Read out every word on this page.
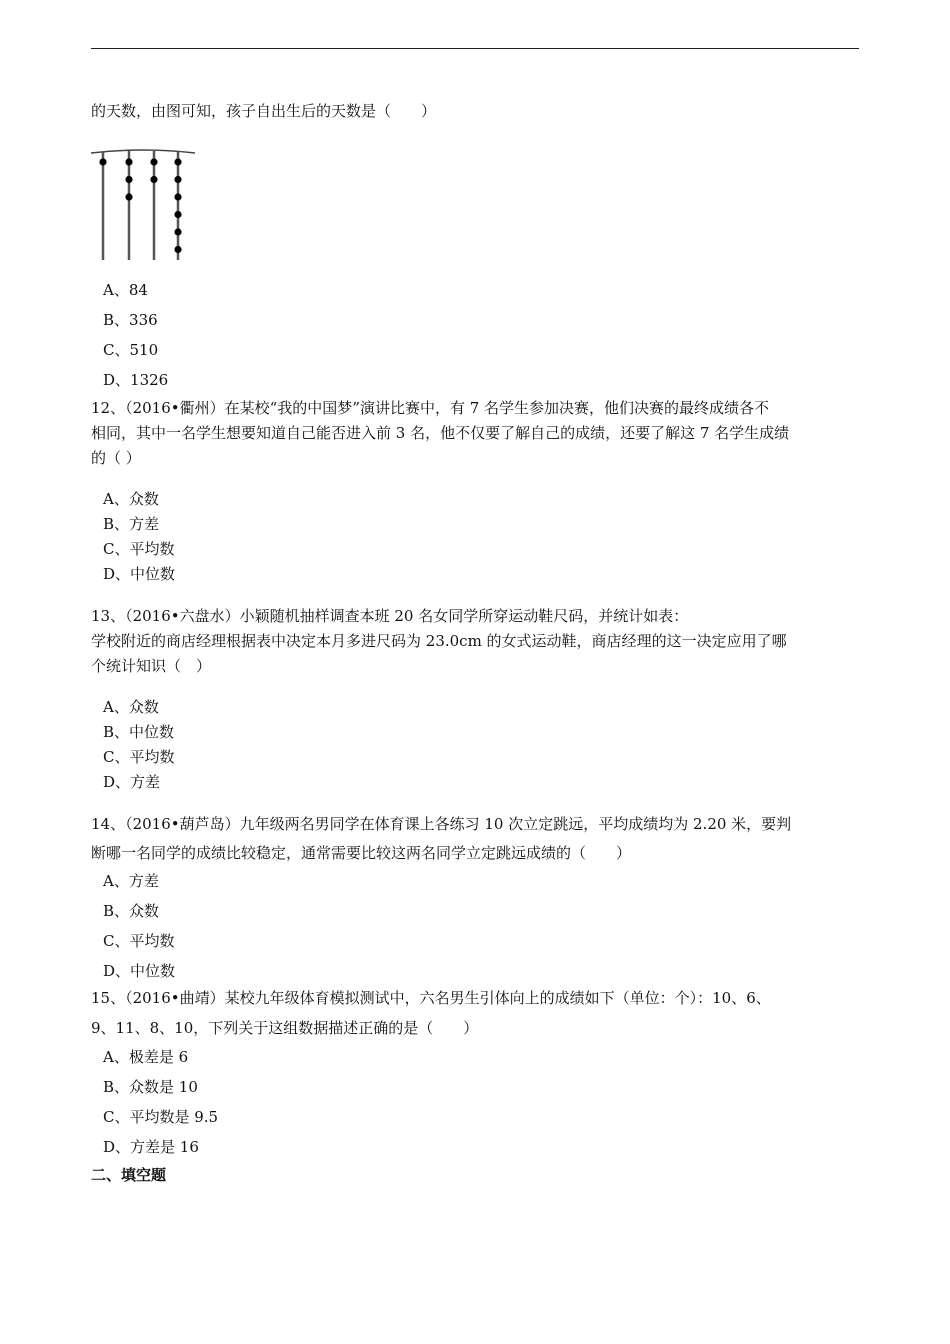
的天数，由图可知，孩子自出生后的天数是（　　）
A、84
B、336
C、510
D、1326
12、（2016•衢州）在某校“我的中国梦”演讲比赛中，有 7 名学生参加决赛，他们决赛的最终成绩各不
相同，其中一名学生想要知道自己能否进入前 3 名，他不仅要了解自己的成绩，还要了解这 7 名学生成绩
的（ ）
A、众数
B、方差
C、平均数
D、中位数
13、（2016•六盘水）小颖随机抽样调查本班 20 名女同学所穿运动鞋尺码，并统计如表：
学校附近的商店经理根据表中决定本月多进尺码为 23.0cm 的女式运动鞋，商店经理的这一决定应用了哪
个统计知识（　）
A、众数
B、中位数
C、平均数
D、方差
14、（2016•葫芦岛）九年级两名男同学在体育课上各练习 10 次立定跳远，平均成绩均为 2.20 米，要判
断哪一名同学的成绩比较稳定，通常需要比较这两名同学立定跳远成绩的（　　）
A、方差
B、众数
C、平均数
D、中位数
15、（2016•曲靖）某校九年级体育模拟测试中，六名男生引体向上的成绩如下（单位：个）：10、6、
9、11、8、10，下列关于这组数据描述正确的是（　　）
A、极差是 6
B、众数是 10
C、平均数是 9.5
D、方差是 16
二、填空题
